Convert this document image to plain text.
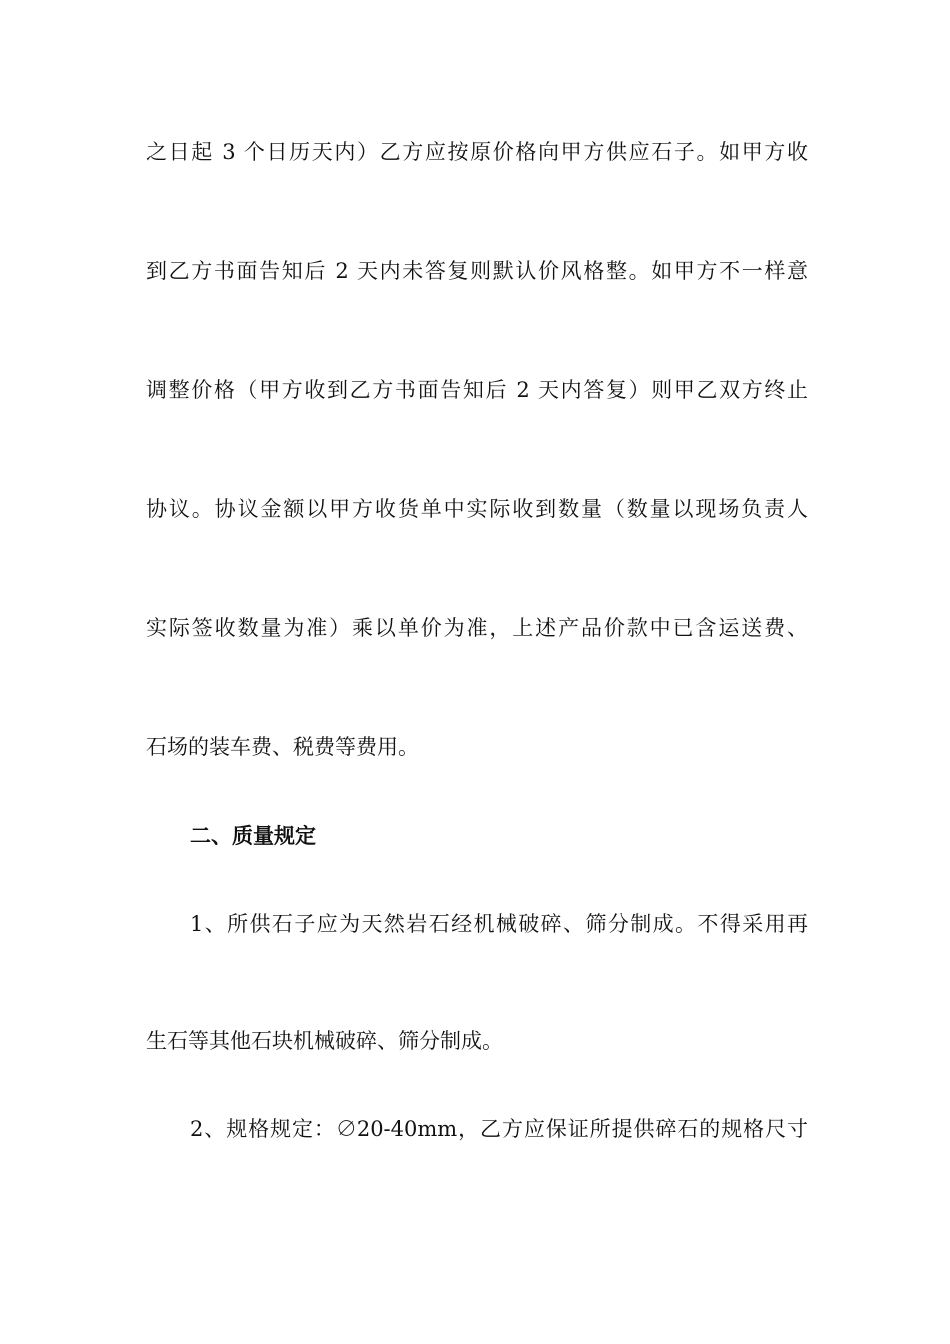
之日起 3 个日历天内）乙方应按原价格向甲方供应石子。如甲方收
到乙方书面告知后 2 天内未答复则默认价风格整。如甲方不一样意
调整价格（甲方收到乙方书面告知后 2 天内答复）则甲乙双方终止
协议。协议金额以甲方收货单中实际收到数量（数量以现场负责人
实际签收数量为准）乘以单价为准，上述产品价款中已含运送费、
石场的装车费、税费等费用。
二、质量规定
1、所供石子应为天然岩石经机械破碎、筛分制成。不得采用再
生石等其他石块机械破碎、筛分制成。
2、规格规定：∅20-40mm，乙方应保证所提供碎石的规格尺寸
